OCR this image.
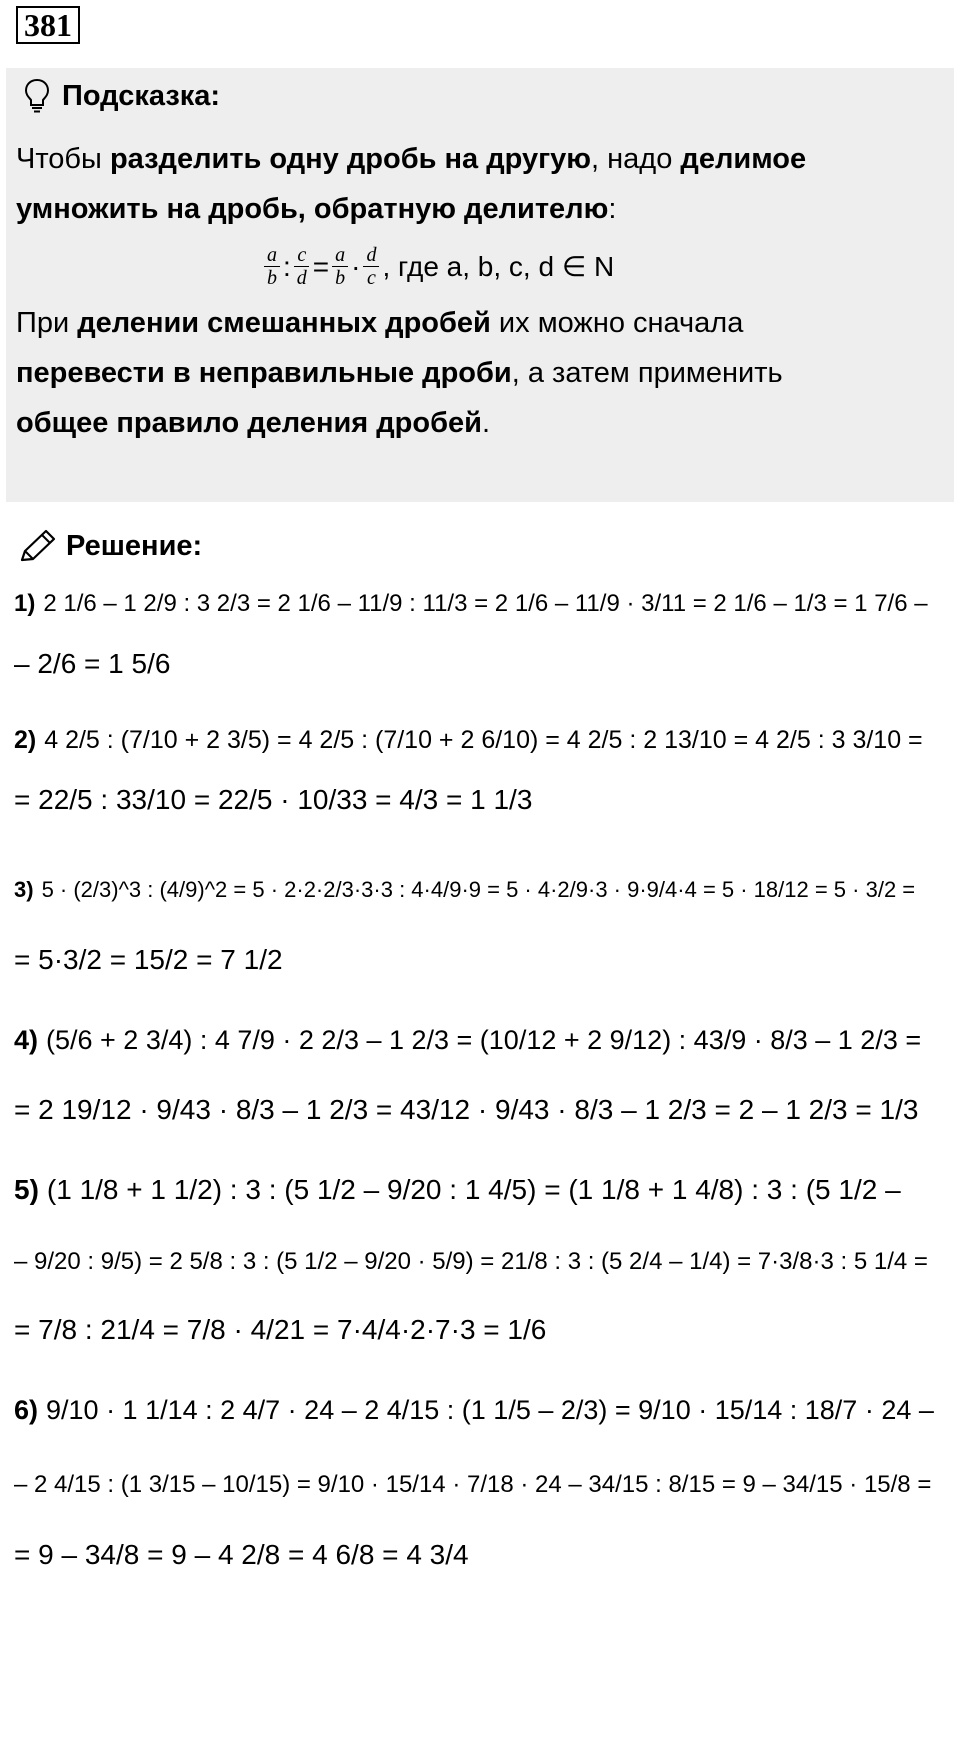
381
Подсказка:
Чтобы разделить одну дробь на другую, надо делимое
умножить на дробь, обратную делителю:
$\frac{a}{b}$ : $\frac{c}{d} = \frac{a}{b} \cdot \frac{d}{c}$ , где a, b, c, d ∈ N
При делении смешанных дробей их можно сначала
перевести в неправильные дроби, а затем применить
общее правило деления дробей.
Решение:
1) 2 1/6 – 1 2/9 : 3 2/3 = 2 1/6 – 11/9 : 11/3 = 2 1/6 – 11/9 · 3/11 = 2 1/6 – 1/3 = 1 7/6 –
– 2/6 = 1 5/6
2) 4 2/5 : (7/10 + 2 3/5) = 4 2/5 : (7/10 + 2 6/10) = 4 2/5 : 2 13/10 = 4 2/5 : 3 3/10 =
= 22/5 : 33/10 = 22/5 · 10/33 = 4/3 = 1 1/3
3) 5 · (2/3)^3 : (4/9)^2 = 5 · 2·2·2/3·3·3 : 4·4/9·9 = 5 · 4·2/9·3 · 9·9/4·4 = 5 · 18/12 = 5 · 3/2 =
= 5·3/2 = 15/2 = 7 1/2
4) (5/6 + 2 3/4) : 4 7/9 · 2 2/3 – 1 2/3 = (10/12 + 2 9/12) : 43/9 · 8/3 – 1 2/3 =
= 2 19/12 · 9/43 · 8/3 – 1 2/3 = 43/12 · 9/43 · 8/3 – 1 2/3 = 2 – 1 2/3 = 1/3
5) (1 1/8 + 1 1/2) : 3 : (5 1/2 – 9/20 : 1 4/5) = (1 1/8 + 1 4/8) : 3 : (5 1/2 –
– 9/20 : 9/5) = 2 5/8 : 3 : (5 1/2 – 9/20 · 5/9) = 21/8 : 3 : (5 2/4 – 1/4) = 7·3/8·3 : 5 1/4 =
= 7/8 : 21/4 = 7/8 · 4/21 = 7·4/4·2·7·3 = 1/6
6) 9/10 · 1 1/14 : 2 4/7 · 24 – 2 4/15 : (1 1/5 – 2/3) = 9/10 · 15/14 : 18/7 · 24 –
– 2 4/15 : (1 3/15 – 10/15) = 9/10 · 15/14 · 7/18 · 24 – 34/15 : 8/15 = 9 – 34/15 · 15/8 =
= 9 – 34/8 = 9 – 4 2/8 = 4 6/8 = 4 3/4
